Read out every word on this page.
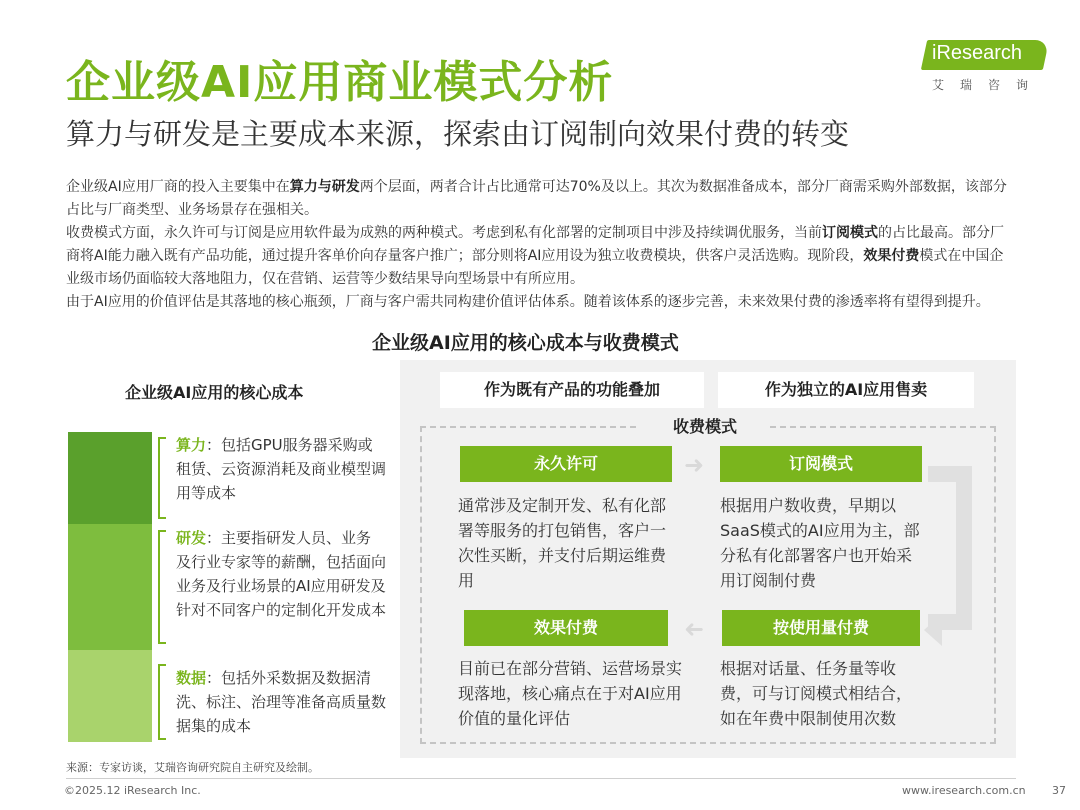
企业级AI应用商业模式分析
算力与研发是主要成本来源，探索由订阅制向效果付费的转变
iResearch
艾瑞咨询

企业级AI应用厂商的投入主要集中在算力与研发两个层面，两者合计占比通常可达70%及以上。其次为数据准备成本，部分厂商需采购外部数据，该部分占比与厂商类型、业务场景存在强相关。

收费模式方面，永久许可与订阅是应用软件最为成熟的两种模式。考虑到私有化部署的定制项目中涉及持续调优服务，当前订阅模式的占比最高。部分厂商将AI能力融入既有产品功能，通过提升客单价向存量客户推广；部分则将AI应用设为独立收费模块，供客户灵活选购。现阶段，效果付费模式在中国企业级市场仍面临较大落地阻力，仅在营销、运营等少数结果导向型场景中有所应用。

由于AI应用的价值评估是其落地的核心瓶颈，厂商与客户需共同构建价值评估体系。随着该体系的逐步完善，未来效果付费的渗透率将有望得到提升。

企业级AI应用的核心成本与收费模式
企业级AI应用的核心成本
算力：包括GPU服务器采购或租赁、云资源消耗及商业模型调用等成本
研发：主要指研发人员、业务及行业专家等的薪酬，包括面向业务及行业场景的AI应用研发及针对不同客户的定制化开发成本
数据：包括外采数据及数据清洗、标注、治理等准备高质量数据集的成本
作为既有产品的功能叠加	作为独立的AI应用售卖
收费模式
永久许可	订阅模式
效果付费	按使用量付费
通常涉及定制开发、私有化部署等服务的打包销售，客户一次性买断，并支付后期运维费用
根据用户数收费，早期以SaaS模式的AI应用为主，部分私有化部署客户也开始采用订阅制付费
目前已在部分营销、运营场景实现落地，核心痛点在于对AI应用价值的量化评估
根据对话量、任务量等收费，可与订阅模式相结合，如在年费中限制使用次数
➜
➜
来源：专家访谈，艾瑞咨询研究院自主研究及绘制。
©2025.12 iResearch Inc.	www.iresearch.com.cn 37
